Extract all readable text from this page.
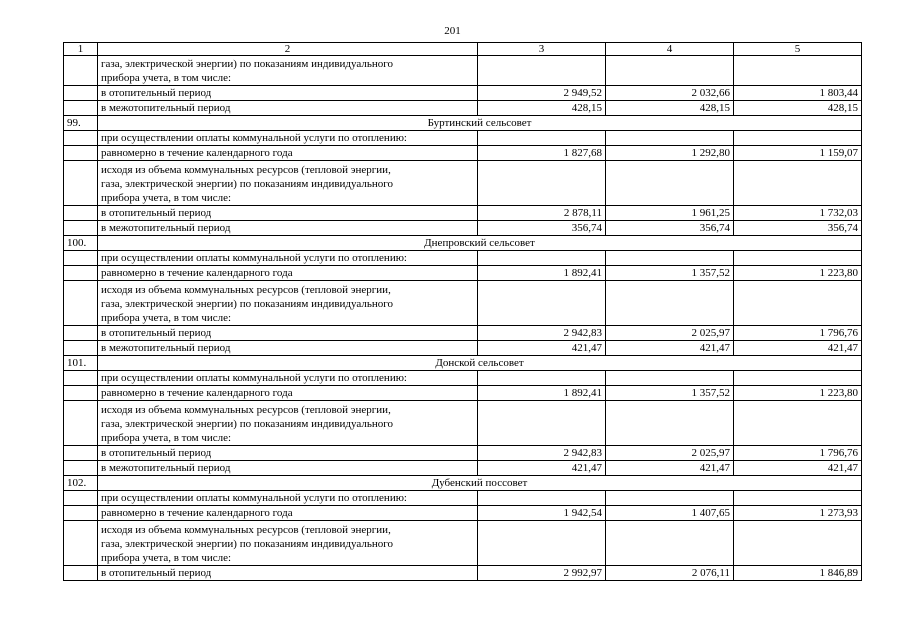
201
1	2	3	4	5
	газа, электрической энергии) по показаниям индивидуального
прибора учета, в том числе:			
	в отопительный период	2 949,52	2 032,66	1 803,44
	в межотопительный период	428,15	428,15	428,15
99.	Буртинский сельсовет			
	при осуществлении оплаты коммунальной услуги по отоплению:			
	равномерно в течение календарного года	1 827,68	1 292,80	1 159,07
	исходя из объема коммунальных ресурсов (тепловой энергии,
газа, электрической энергии) по показаниям индивидуального
прибора учета, в том числе:			
	в отопительный период	2 878,11	1 961,25	1 732,03
	в межотопительный период	356,74	356,74	356,74
100.	Днепровский сельсовет			
	при осуществлении оплаты коммунальной услуги по отоплению:			
	равномерно в течение календарного года	1 892,41	1 357,52	1 223,80
	исходя из объема коммунальных ресурсов (тепловой энергии,
газа, электрической энергии) по показаниям индивидуального
прибора учета, в том числе:			
	в отопительный период	2 942,83	2 025,97	1 796,76
	в межотопительный период	421,47	421,47	421,47
101.	Донской сельсовет			
	при осуществлении оплаты коммунальной услуги по отоплению:			
	равномерно в течение календарного года	1 892,41	1 357,52	1 223,80
	исходя из объема коммунальных ресурсов (тепловой энергии,
газа, электрической энергии) по показаниям индивидуального
прибора учета, в том числе:			
	в отопительный период	2 942,83	2 025,97	1 796,76
	в межотопительный период	421,47	421,47	421,47
102.	Дубенский поссовет			
	при осуществлении оплаты коммунальной услуги по отоплению:			
	равномерно в течение календарного года	1 942,54	1 407,65	1 273,93
	исходя из объема коммунальных ресурсов (тепловой энергии,
газа, электрической энергии) по показаниям индивидуального
прибора учета, в том числе:			
	в отопительный период	2 992,97	2 076,11	1 846,89
